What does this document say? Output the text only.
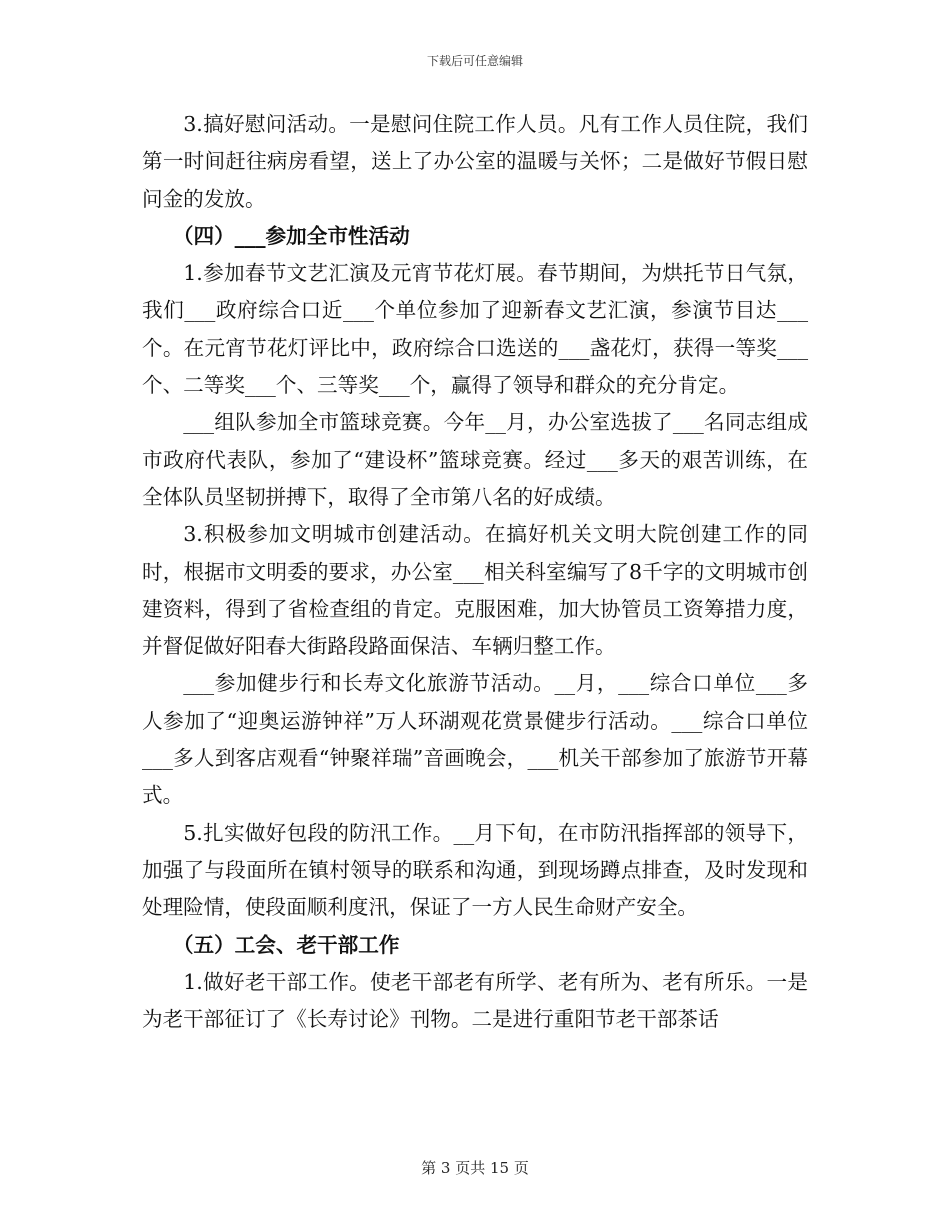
下载后可任意编辑

3.搞好慰问活动。一是慰问住院工作人员。凡有工作人员住院，我们第一时间赶往病房看望，送上了办公室的温暖与关怀；二是做好节假日慰问金的发放。

（四）___参加全市性活动

1.参加春节文艺汇演及元宵节花灯展。春节期间，为烘托节日气氛，我们___政府综合口近___个单位参加了迎新春文艺汇演，参演节目达___个。在元宵节花灯评比中，政府综合口选送的___盏花灯，获得一等奖___个、二等奖___个、三等奖___个，赢得了领导和群众的充分肯定。

___组队参加全市篮球竞赛。今年__月，办公室选拔了___名同志组成市政府代表队，参加了“建设杯”篮球竞赛。经过___多天的艰苦训练，在全体队员坚韧拼搏下，取得了全市第八名的好成绩。

3.积极参加文明城市创建活动。在搞好机关文明大院创建工作的同时，根据市文明委的要求，办公室___相关科室编写了8千字的文明城市创建资料，得到了省检查组的肯定。克服困难，加大协管员工资筹措力度，并督促做好阳春大街路段路面保洁、车辆归整工作。

___参加健步行和长寿文化旅游节活动。__月，___综合口单位___多人参加了“迎奥运游钟祥”万人环湖观花赏景健步行活动。___综合口单位___多人到客店观看“钟聚祥瑞”音画晚会，___机关干部参加了旅游节开幕式。

5.扎实做好包段的防汛工作。__月下旬，在市防汛指挥部的领导下，加强了与段面所在镇村领导的联系和沟通，到现场蹲点排查，及时发现和处理险情，使段面顺利度汛，保证了一方人民生命财产安全。

（五）工会、老干部工作

1.做好老干部工作。使老干部老有所学、老有所为、老有所乐。一是为老干部征订了《长寿讨论》刊物。二是进行重阳节老干部茶话

第 3 页共 15 页
